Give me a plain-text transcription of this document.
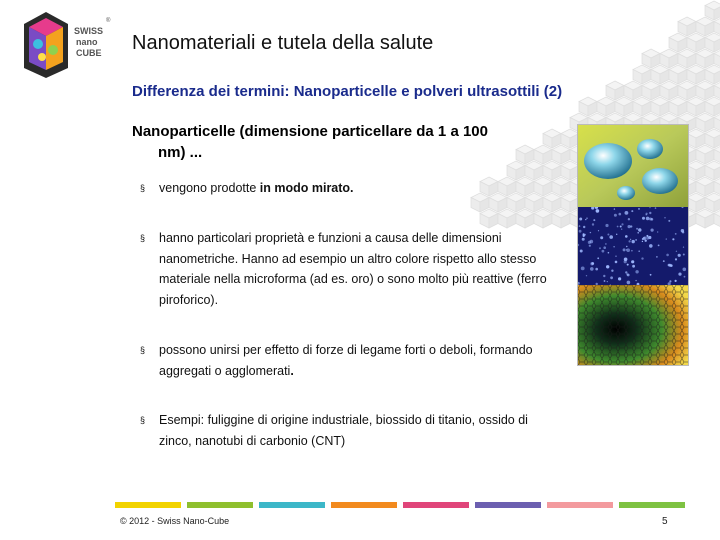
SWISS
nano
CUBE
®
Nanomateriali e tutela della salute
Differenza dei termini: Nanoparticelle e polveri ultrasottili (2)
Nanoparticelle (dimensione particellare da 1 a 100
nm) ...
§ vengono prodotte in modo mirato.
§ hanno particolari proprietà e funzioni a causa delle dimensioni nanometriche. Hanno ad esempio un altro colore rispetto allo stesso materiale nella microforma (ad es. oro) o sono molto più reattive (ferro piroforico).
§ possono unirsi per effetto di forze di legame forti o deboli, formando aggregati o agglomerati.
§ Esempi: fuliggine di origine industriale, biossido di titanio, ossido di zinco, nanotubi di carbonio (CNT)
© 2012 - Swiss Nano-Cube	5
